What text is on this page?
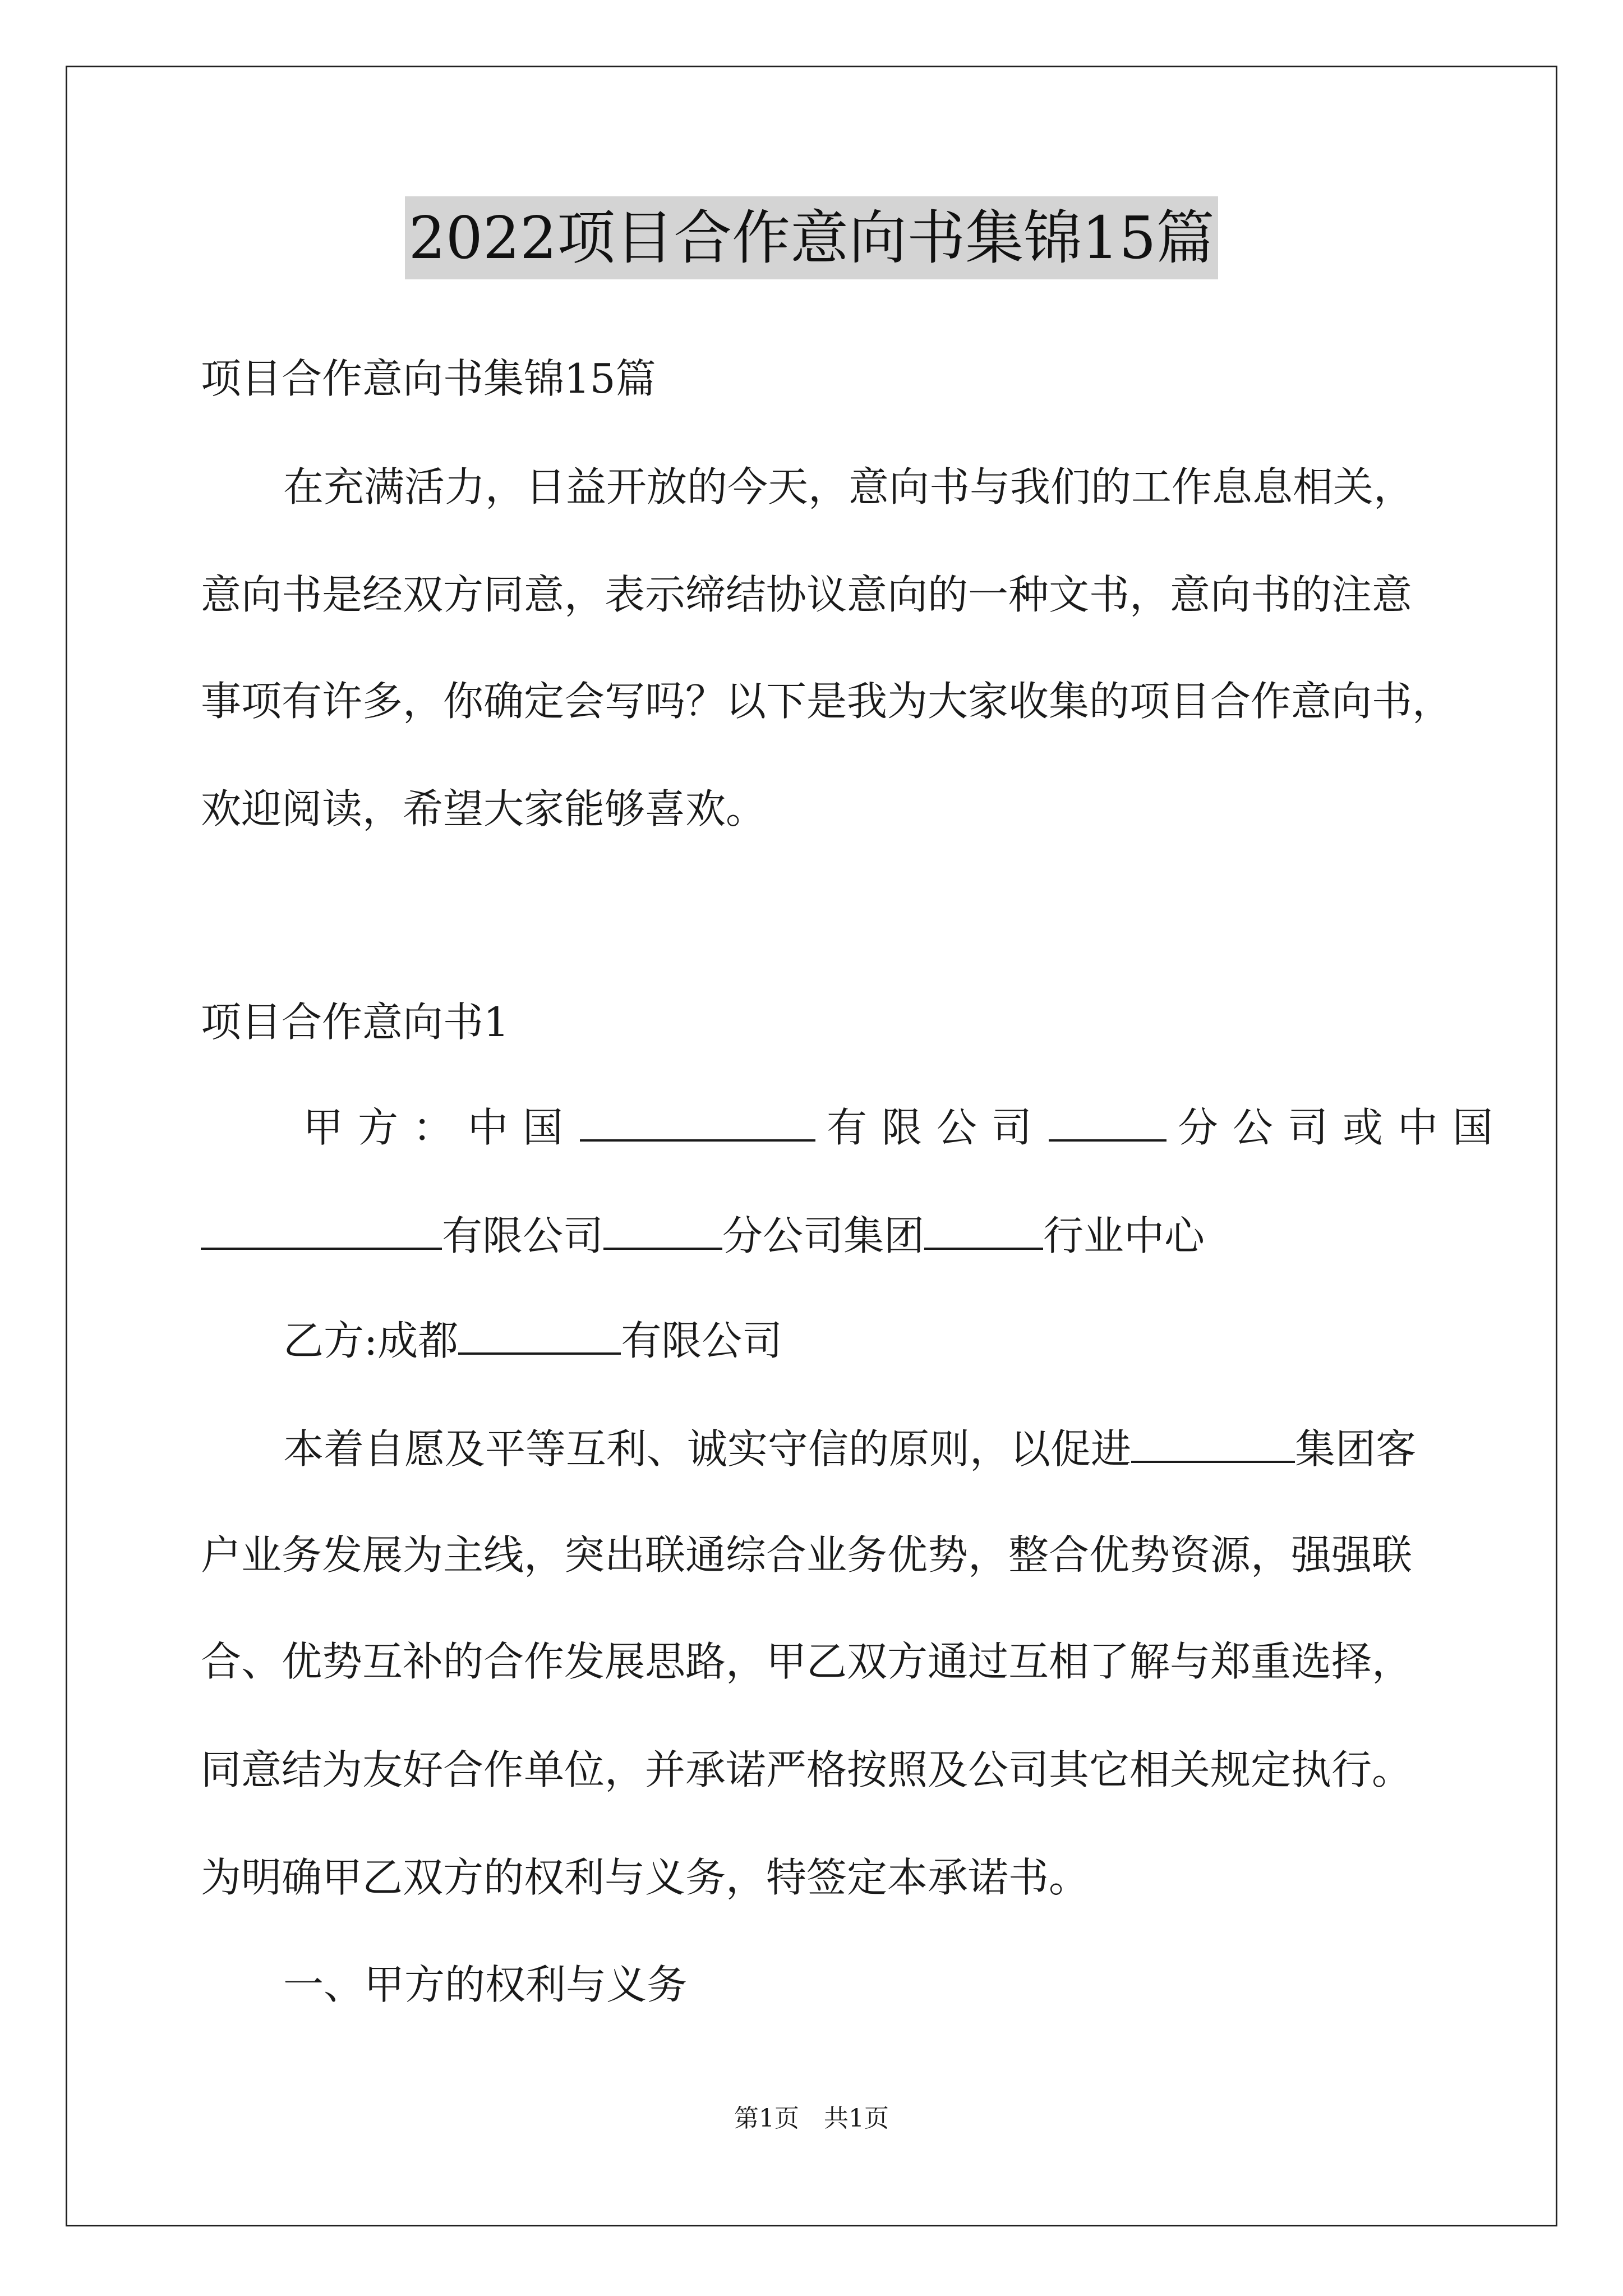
2022项目合作意向书集锦15篇
项目合作意向书集锦15篇
在充满活力，日益开放的今天，意向书与我们的工作息息相关，
意向书是经双方同意，表示缔结协议意向的一种文书，意向书的注意
事项有许多，你确定会写吗？以下是我为大家收集的项目合作意向书，
欢迎阅读，希望大家能够喜欢。
项目合作意向书1
甲方：中国	有限公司	分公司或中国
有限公司	分公司集团	行业中心
乙方:成都	有限公司
本着自愿及平等互利、诚实守信的原则，以促进	集团客
户业务发展为主线，突出联通综合业务优势，整合优势资源，强强联
合、优势互补的合作发展思路，甲乙双方通过互相了解与郑重选择，
同意结为友好合作单位，并承诺严格按照及公司其它相关规定执行。
为明确甲乙双方的权利与义务，特签定本承诺书。
一、甲方的权利与义务
第1页　共1页
